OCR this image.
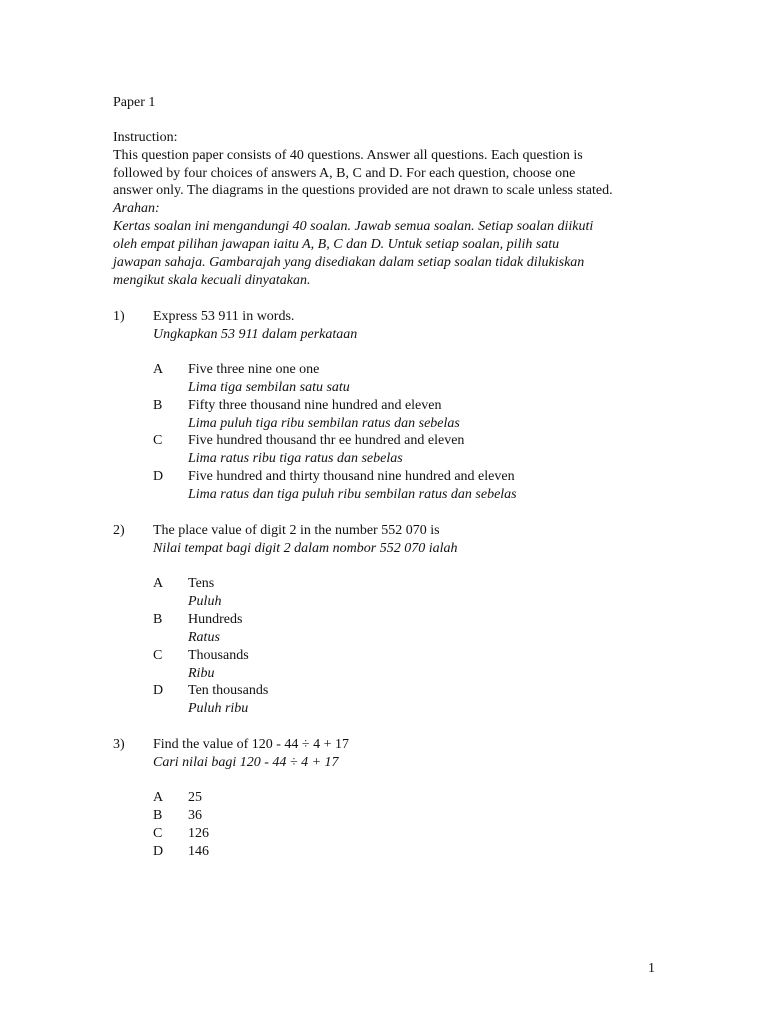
Paper 1
Instruction:
This question paper consists of 40 questions. Answer all questions. Each question is
followed by four choices of answers A, B, C and D. For each question, choose one
answer only. The diagrams in the questions provided are not drawn to scale unless stated.
Arahan:
Kertas soalan ini mengandungi 40 soalan. Jawab semua soalan. Setiap soalan diikuti
oleh empat pilihan jawapan iaitu A, B, C dan D. Untuk setiap soalan, pilih satu
jawapan sahaja. Gambarajah yang disediakan dalam setiap soalan tidak dilukiskan
mengikut skala kecuali dinyatakan.
1) Express 53 911 in words.
Ungkapkan 53 911 dalam perkataan
A Five three nine one one
Lima tiga sembilan satu satu
B Fifty three thousand nine hundred and eleven
Lima puluh tiga ribu sembilan ratus dan sebelas
C Five hundred thousand thr ee hundred and eleven
Lima ratus ribu tiga ratus dan sebelas
D Five hundred and thirty thousand nine hundred and eleven
Lima ratus dan tiga puluh ribu sembilan ratus dan sebelas
2) The place value of digit 2 in the number 552 070 is
Nilai tempat bagi digit 2 dalam nombor 552 070 ialah
A Tens
Puluh
B Hundreds
Ratus
C Thousands
Ribu
D Ten thousands
Puluh ribu
3) Find the value of 120 - 44 ÷ 4 + 17
Cari nilai bagi 120 - 44 ÷ 4 + 17
A 25
B 36
C 126
D 146
1
